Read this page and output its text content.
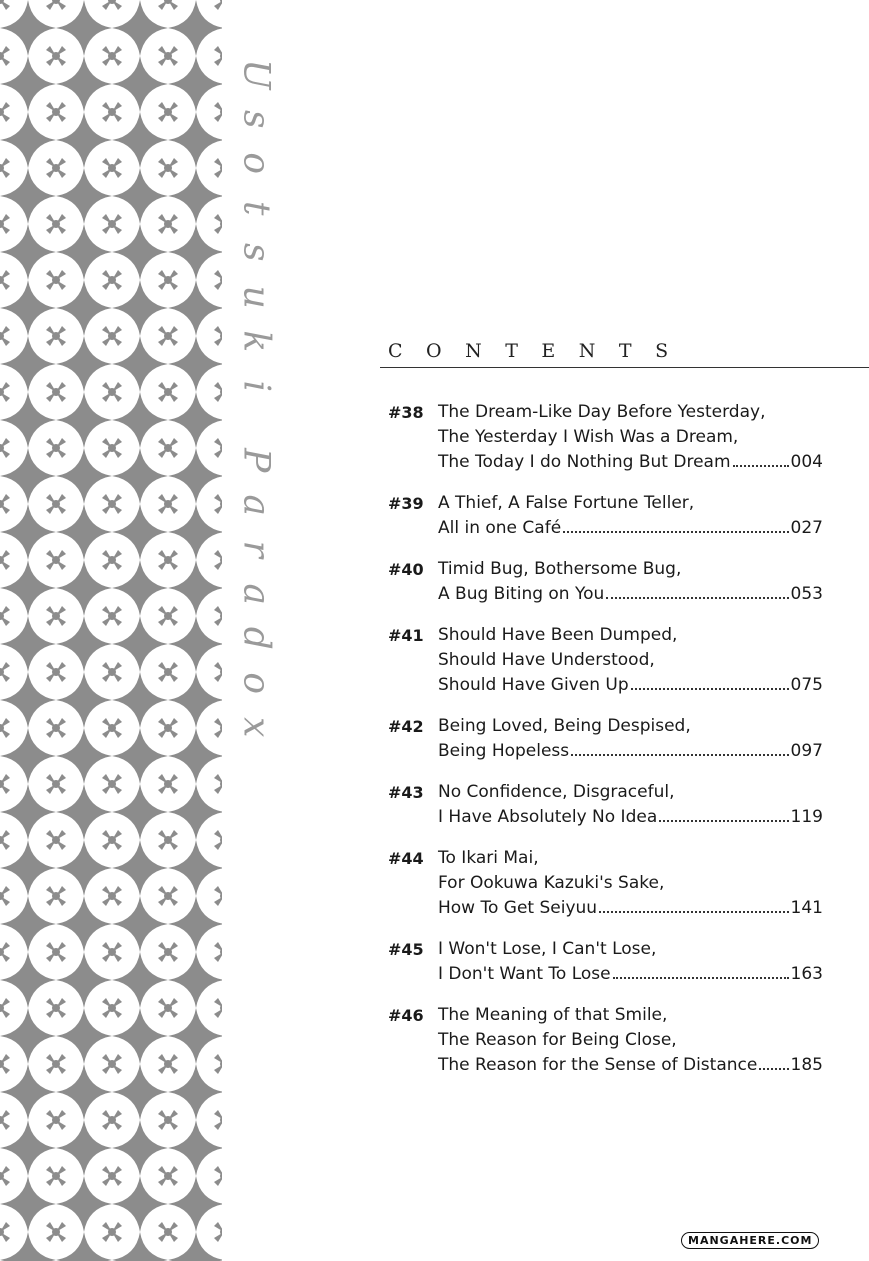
U
s
o
t
s
u
k
i

P
a
r
a
d
o
x
CONTENTS
#38 The Dream-Like Day Before Yesterday,
The Yesterday I Wish Was a Dream,
The Today I do Nothing But Dream	004
#39 A Thief, A False Fortune Teller,
All in one Café	027
#40 Timid Bug, Bothersome Bug,
A Bug Biting on You	053
#41 Should Have Been Dumped,
Should Have Understood,
Should Have Given Up	075
#42 Being Loved, Being Despised,
Being Hopeless	097
#43 No Confidence, Disgraceful,
I Have Absolutely No Idea	119
#44 To Ikari Mai,
For Ookuwa Kazuki's Sake,
How To Get Seiyuu	141
#45 I Won't Lose, I Can't Lose,
I Don't Want To Lose	163
#46 The Meaning of that Smile,
The Reason for Being Close,
The Reason for the Sense of Distance 185
MANGAHERE.COM
